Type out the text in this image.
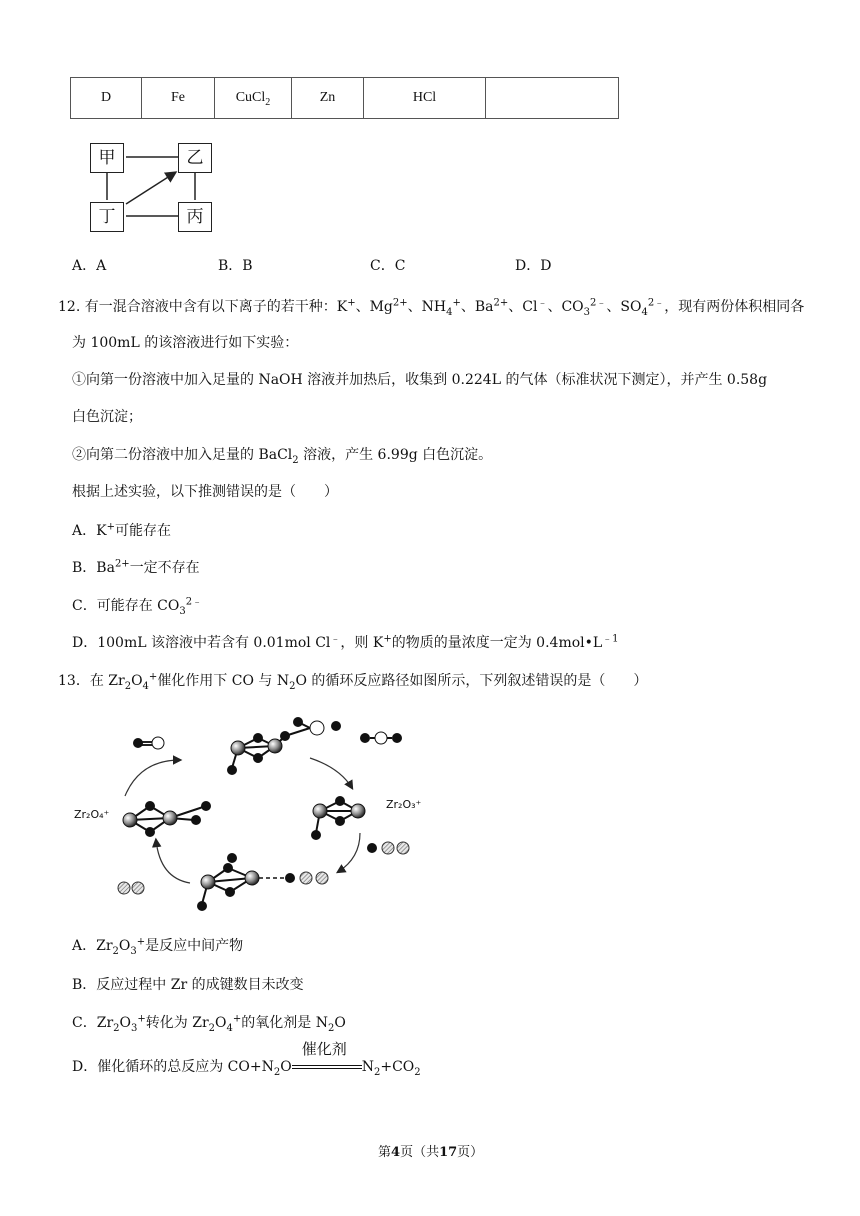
D	Fe	CuCl$_2$	Zn	HCl	
甲	乙
丁	丙
A．A	B．B	C．C	D．D
12. 有一混合溶液中含有以下离子的若干种：K+、$Mg^{2+}$、$NH_4^+$、$Ba^{2+}$、Cl﹣、$CO_3^{2﹣}$、$SO_4^{2﹣}$，现有两份体积相同各
为 100mL 的该溶液进行如下实验：
①向第一份溶液中加入足量的 NaOH 溶液并加热后，收集到 0.224L 的气体（标准状况下测定），并产生 0.58g
白色沉淀；
②向第二份溶液中加入足量的 BaCl$_2$ 溶液，产生 6.99g 白色沉淀。
根据上述实验，以下推测错误的是（　　）
A．K+可能存在
B．$Ba^{2+}$一定不存在
C．可能存在 $CO_3^{2﹣}$
D．100mL 该溶液中若含有 0.01mol Cl﹣，则 K+的物质的量浓度一定为 $0.4mol•L^{﹣1}$
13．在 $Zr_2O_4^+$催化作用下 CO 与 $N_2O$ 的循环反应路径如图所示，下列叙述错误的是（　　）
Zr₂O₄⁺
Zr₂O₃⁺
A．$Zr_2O_3^+$是反应中间产物
B．反应过程中 Zr 的成键数目未改变
C．$Zr_2O_3^+$转化为 $Zr_2O_4^+$的氧化剂是 $N_2O$
D．催化循环的总反应为 $CO+N_2O$
催化剂
$N_2+CO_2$
第4页（共17页）
